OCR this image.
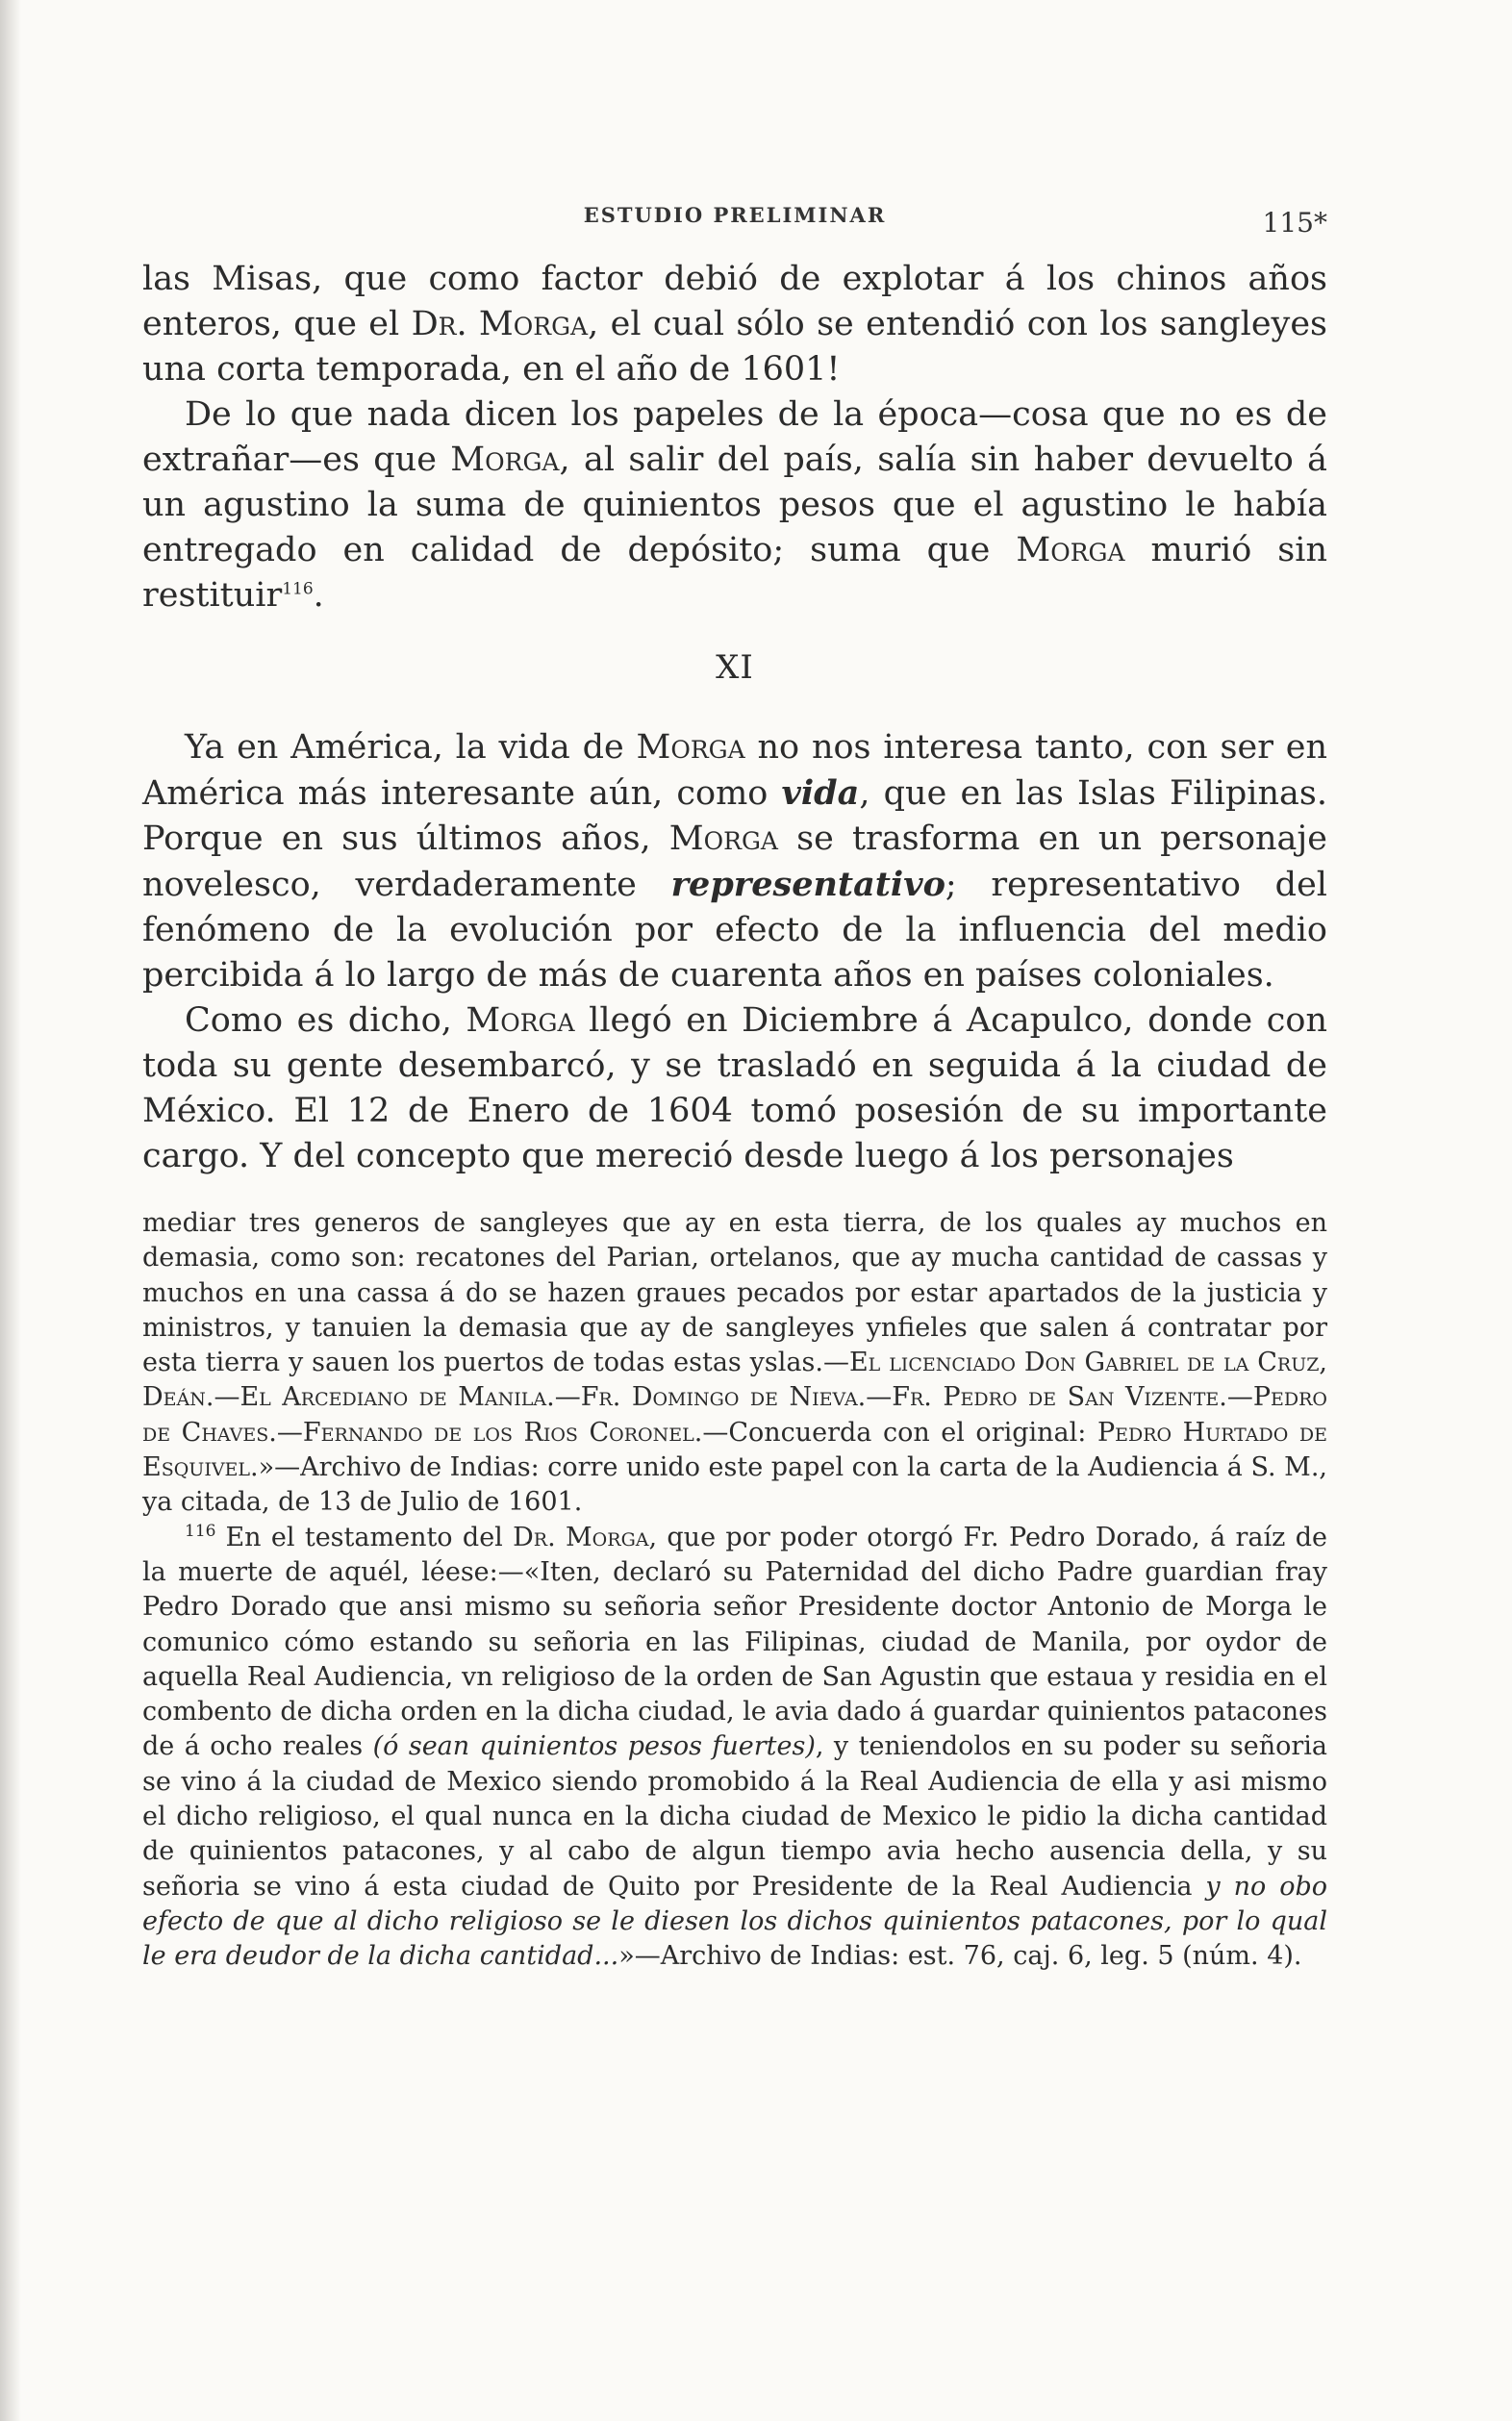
ESTUDIO PRELIMINAR	115*

las Misas, que como factor debió de explotar á los chinos años enteros, que el Dr. Morga, el cual sólo se entendió con los sangleyes una corta temporada, en el año de 1601!

De lo que nada dicen los papeles de la época—cosa que no es de extrañar—es que Morga, al salir del país, salía sin haber devuelto á un agustino la suma de quinientos pesos que el agustino le había entregado en calidad de depósito; suma que Morga murió sin restituir$^{116}$.

XI

Ya en América, la vida de Morga no nos interesa tanto, con ser en América más interesante aún, como vida, que en las Islas Filipinas. Porque en sus últimos años, Morga se trasforma en un personaje novelesco, verdaderamente representativo; representativo del fenómeno de la evolución por efecto de la influencia del medio percibida á lo largo de más de cuarenta años en países coloniales.

Como es dicho, Morga llegó en Diciembre á Acapulco, donde con toda su gente desembarcó, y se trasladó en seguida á la ciudad de México. El 12 de Enero de 1604 tomó posesión de su importante cargo. Y del concepto que mereció desde luego á los personajes

mediar tres generos de sangleyes que ay en esta tierra, de los quales ay muchos en demasia, como son: recatones del Parian, ortelanos, que ay mucha cantidad de cassas y muchos en una cassa á do se hazen graues pecados por estar apartados de la justicia y ministros, y tanuien la demasia que ay de sangleyes ynfieles que salen á contratar por esta tierra y sauen los puertos de todas estas yslas.—El licenciado Don Gabriel de la Cruz, Deán.—El Arcediano de Manila.—Fr. Domingo de Nieva.—Fr. Pedro de San Vizente.—Pedro de Chaves.—Fernando de los Rios Coronel.—Concuerda con el original: Pedro Hurtado de Esquivel.»—Archivo de Indias: corre unido este papel con la carta de la Audiencia á S. M., ya citada, de 13 de Julio de 1601.

$^{116}$ En el testamento del Dr. Morga, que por poder otorgó Fr. Pedro Dorado, á raíz de la muerte de aquél, léese:—«Iten, declaró su Paternidad del dicho Padre guardian fray Pedro Dorado que ansi mismo su señoria señor Presidente doctor Antonio de Morga le comunico cómo estando su señoria en las Filipinas, ciudad de Manila, por oydor de aquella Real Audiencia, vn religioso de la orden de San Agustin que estaua y residia en el combento de dicha orden en la dicha ciudad, le avia dado á guardar quinientos patacones de á ocho reales (ó sean quinientos pesos fuertes), y teniendolos en su poder su señoria se vino á la ciudad de Mexico siendo promobido á la Real Audiencia de ella y asi mismo el dicho religioso, el qual nunca en la dicha ciudad de Mexico le pidio la dicha cantidad de quinientos patacones, y al cabo de algun tiempo avia hecho ausencia della, y su señoria se vino á esta ciudad de Quito por Presidente de la Real Audiencia y no obo efecto de que al dicho religioso se le diesen los dichos quinientos patacones, por lo qual le era deudor de la dicha cantidad...»—Archivo de Indias: est. 76, caj. 6, leg. 5 (núm. 4).
